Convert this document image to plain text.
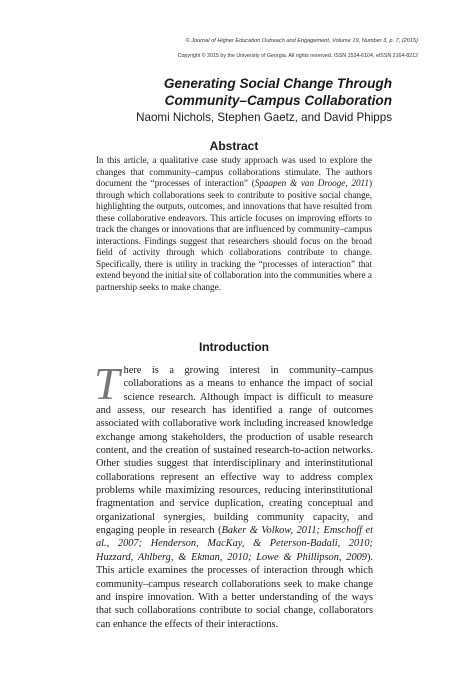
© Journal of Higher Education Outreach and Engagement, Volume 19, Number 3, p. 7, (2015)
Copyright © 2015 by the University of Georgia. All rights reserved. ISSN 1534-6104, eISSN 2164-8212
Generating Social Change Through
Community–Campus Collaboration
Naomi Nichols, Stephen Gaetz, and David Phipps
Abstract

In this article, a qualitative case study approach was used to explore the changes that community–campus collaborations stimulate. The authors document the “processes of interaction” (Spaapen & van Drooge, 2011) through which collaborations seek to contribute to positive social change, highlighting the outputs, outcomes, and innovations that have resulted from these collaborative endeavors. This article focuses on improving efforts to track the changes or innovations that are influenced by community–campus interactions. Findings suggest that researchers should focus on the broad field of activity through which collaborations contribute to change. Specifically, there is utility in tracking the “processes of interaction” that extend beyond the initial site of collaboration into the communities where a partnership seeks to make change.

Introduction

There is a growing interest in community–campus collaborations as a means to enhance the impact of social science research. Although impact is difficult to measure and assess, our research has identified a range of outcomes associated with collaborative work including increased knowledge exchange among stakeholders, the production of usable research content, and the creation of sustained research-to-action networks. Other studies suggest that interdisciplinary and interinstitutional collaborations represent an effective way to address complex problems while maximizing resources, reducing interinstitutional fragmentation and service duplication, creating conceptual and organizational synergies, building community capacity, and engaging people in research (Baker & Volkow, 2011; Emschoff et al., 2007; Henderson, MacKay, & Peterson-Badali, 2010; Huzzard, Ahlberg, & Ekman, 2010; Lowe & Phillipson, 2009). This article examines the processes of interaction through which community–campus research collaborations seek to make change and inspire innovation. With a better understanding of the ways that such collaborations contribute to social change, collaborators can enhance the effects of their interactions.
